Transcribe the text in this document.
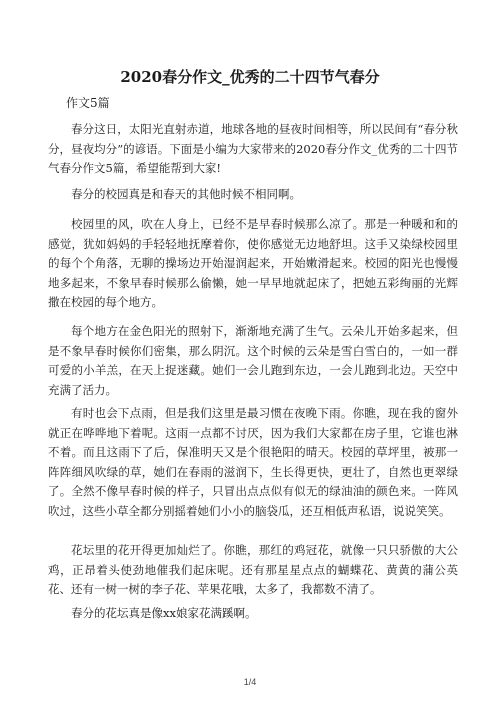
2020春分作文_优秀的二十四节气春分
作文5篇

春分这日，太阳光直射赤道，地球各地的昼夜时间相等，所以民间有“春分秋分，昼夜均分”的谚语。下面是小编为大家带来的2020春分作文_优秀的二十四节气春分作文5篇，希望能帮到大家!

春分的校园真是和春天的其他时候不相同啊。

校园里的风，吹在人身上，已经不是早春时候那么凉了。那是一种暖和和的感觉，犹如妈妈的手轻轻地抚摩着你，使你感觉无边地舒坦。这手又染绿校园里的每个个角落，无聊的操场边开始湿润起来，开始嫩滑起来。校园的阳光也慢慢地多起来，不象早春时候那么偷懒，她一早早地就起床了，把她五彩绚丽的光辉撒在校园的每个地方。

每个地方在金色阳光的照射下，渐渐地充满了生气。云朵儿开始多起来，但是不象早春时候你们密集，那么阴沉。这个时候的云朵是雪白雪白的，一如一群可爱的小羊羔，在天上捉迷藏。她们一会儿跑到东边，一会儿跑到北边。天空中充满了活力。

有时也会下点雨，但是我们这里是最习惯在夜晚下雨。你瞧，现在我的窗外就正在哗哗地下着呢。这雨一点都不讨厌，因为我们大家都在房子里，它谁也淋不着。而且这雨下了后，保准明天又是个很艳阳的晴天。校园的草坪里，被那一阵阵细风吹绿的草，她们在春雨的滋润下，生长得更快，更壮了，自然也更翠绿了。全然不像早春时候的样子，只冒出点点似有似无的绿油油的颜色来。一阵风吹过，这些小草全都分别摇着她们小小的脑袋瓜，还互相低声私语，说说笑笑。

花坛里的花开得更加灿烂了。你瞧，那红的鸡冠花，就像一只只骄傲的大公鸡，正昂着头使劲地催我们起床呢。还有那星星点点的蝴蝶花、黄黄的蒲公英花、还有一树一树的李子花、苹果花哦，太多了，我都数不清了。

春分的花坛真是像xx娘家花满蹊啊。

1/4
